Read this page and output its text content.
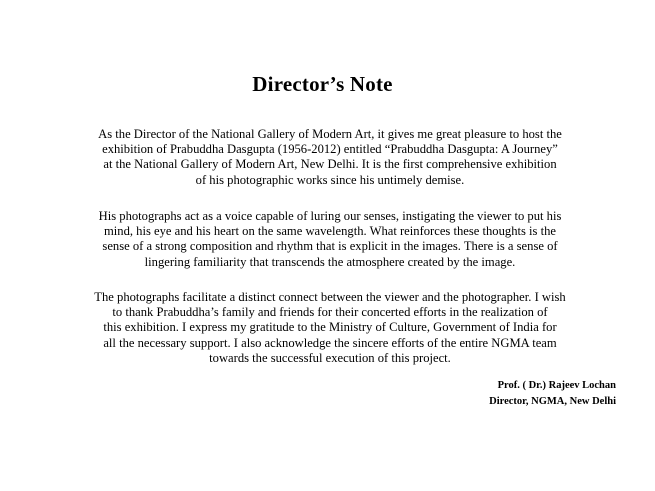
Director’s Note
As the Director of the National Gallery of Modern Art, it gives me great pleasure to host the
exhibition of Prabuddha Dasgupta (1956-2012) entitled “Prabuddha Dasgupta: A Journey”
at the National Gallery of Modern Art, New Delhi. It is the first comprehensive exhibition
of his photographic works since his untimely demise.
His photographs act as a voice capable of luring our senses, instigating the viewer to put his
mind, his eye and his heart on the same wavelength. What reinforces these thoughts is the
sense of a strong composition and rhythm that is explicit in the images. There is a sense of
lingering familiarity that transcends the atmosphere created by the image.
The photographs facilitate a distinct connect between the viewer and the photographer. I wish
to thank Prabuddha’s family and friends for their concerted efforts in the realization of
this exhibition. I express my gratitude to the Ministry of Culture, Government of India for
all the necessary support. I also acknowledge the sincere efforts of the entire NGMA team
towards the successful execution of this project.
Prof. ( Dr.) Rajeev Lochan
Director, NGMA, New Delhi
